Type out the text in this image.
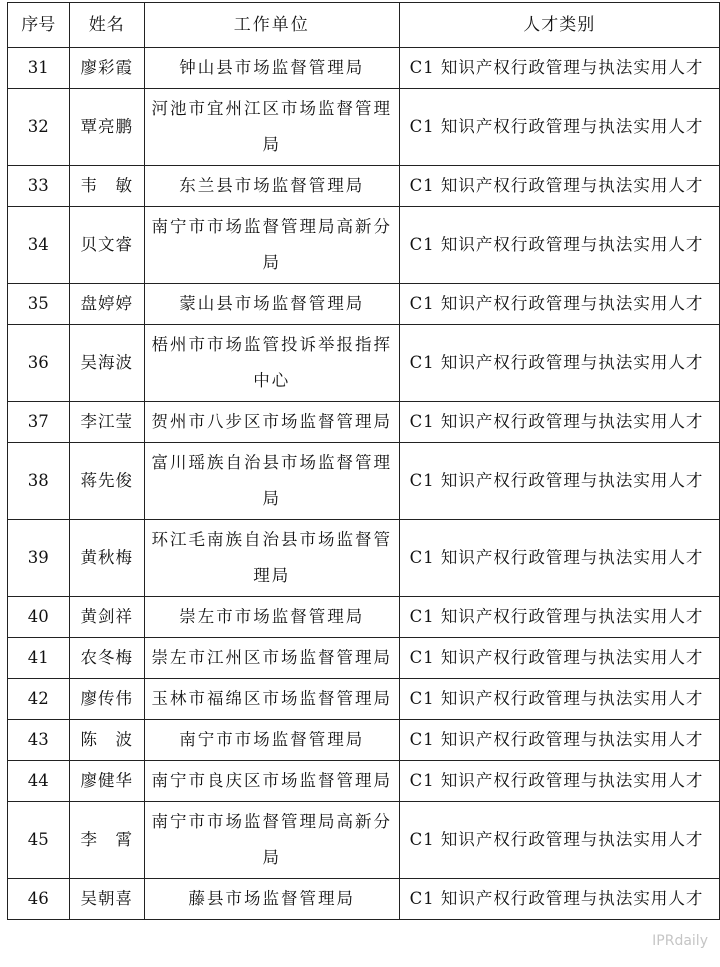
序号	姓名	工作单位	人才类别
31	廖彩霞	钟山县市场监督管理局	C1 知识产权行政管理与执法实用人才
32	覃亮鹏	河池市宜州江区市场监督管理局	C1 知识产权行政管理与执法实用人才
33	韦　敏	东兰县市场监督管理局	C1 知识产权行政管理与执法实用人才
34	贝文睿	南宁市市场监督管理局高新分局	C1 知识产权行政管理与执法实用人才
35	盘婷婷	蒙山县市场监督管理局	C1 知识产权行政管理与执法实用人才
36	吴海波	梧州市市场监管投诉举报指挥中心	C1 知识产权行政管理与执法实用人才
37	李江莹	贺州市八步区市场监督管理局	C1 知识产权行政管理与执法实用人才
38	蒋先俊	富川瑶族自治县市场监督管理局	C1 知识产权行政管理与执法实用人才
39	黄秋梅	环江毛南族自治县市场监督管理局	C1 知识产权行政管理与执法实用人才
40	黄剑祥	崇左市市场监督管理局	C1 知识产权行政管理与执法实用人才
41	农冬梅	崇左市江州区市场监督管理局	C1 知识产权行政管理与执法实用人才
42	廖传伟	玉林市福绵区市场监督管理局	C1 知识产权行政管理与执法实用人才
43	陈　波	南宁市市场监督管理局	C1 知识产权行政管理与执法实用人才
44	廖健华	南宁市良庆区市场监督管理局	C1 知识产权行政管理与执法实用人才
45	李　霄	南宁市市场监督管理局高新分局	C1 知识产权行政管理与执法实用人才
46	吴朝喜	藤县市场监督管理局	C1 知识产权行政管理与执法实用人才
IPRdaily
